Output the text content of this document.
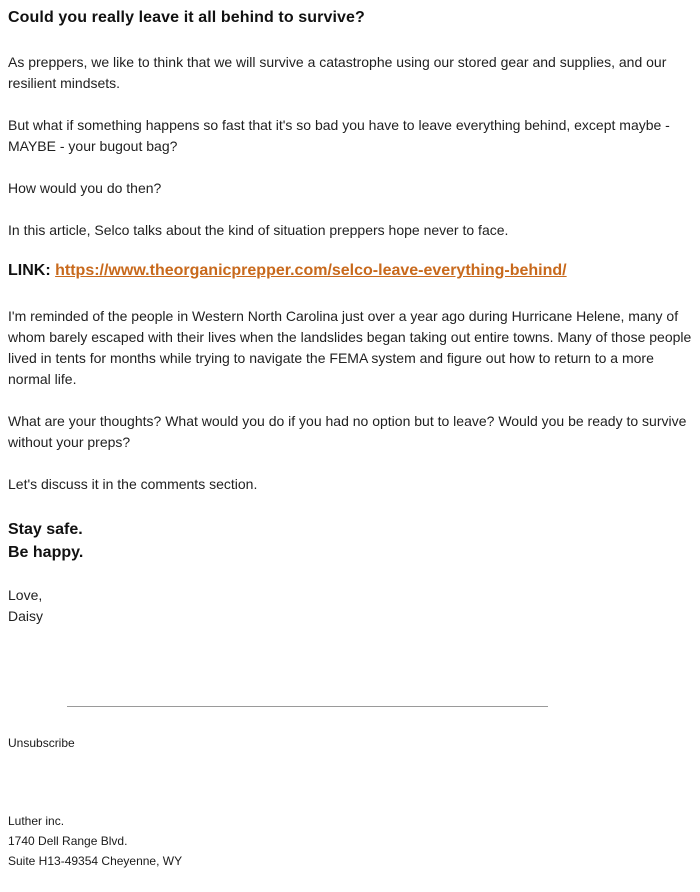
Could you really leave it all behind to survive?

As preppers, we like to think that we will survive a catastrophe using our stored gear and supplies, and our resilient mindsets.

But what if something happens so fast that it's so bad you have to leave everything behind, except maybe - MAYBE - your bugout bag?

How would you do then?

In this article, Selco talks about the kind of situation preppers hope never to face.

LINK: https://www.theorganicprepper.com/selco-leave-everything-behind/

I'm reminded of the people in Western North Carolina just over a year ago during Hurricane Helene, many of whom barely escaped with their lives when the landslides began taking out entire towns. Many of those people lived in tents for months while trying to navigate the FEMA system and figure out how to return to a more normal life.

What are your thoughts? What would you do if you had no option but to leave? Would you be ready to survive without your preps?

Let's discuss it in the comments section.

Stay safe.
Be happy.

Love,

Daisy

Unsubscribe

Luther inc.

1740 Dell Range Blvd.

Suite H13-49354 Cheyenne, WY
